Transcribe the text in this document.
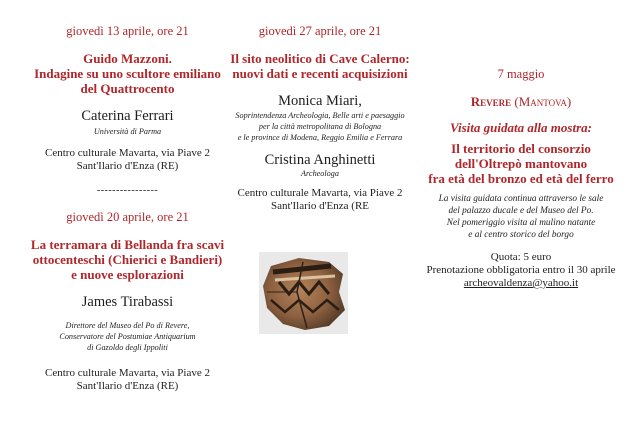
giovedì 13 aprile, ore 21
Guido Mazzoni.
Indagine su uno scultore emiliano
del Quattrocento
Caterina Ferrari
Università di Parma
Centro culturale Mavarta, via Piave 2
Sant'Ilario d'Enza (RE)
----------------
giovedì 20 aprile, ore 21
La terramara di Bellanda fra scavi
ottocenteschi (Chierici e Bandieri)
e nuove esplorazioni
James Tirabassi
Direttore del Museo del Po di Revere,
Conservatore del Postumiae Antiquarium
di Gazoldo degli Ippoliti
Centro culturale Mavarta, via Piave 2
Sant'Ilario d'Enza (RE)
giovedì 27 aprile, ore 21
Il sito neolitico di Cave Calerno:
nuovi dati e recenti acquisizioni
Monica Miari,
Soprintendenza Archeologia, Belle arti e paesaggio
per la città metropolitana di Bologna
e le province di Modena, Reggio Emilia e Ferrara
Cristina Anghinetti
Archeologa
Centro culturale Mavarta, via Piave 2
Sant'Ilario d'Enza (RE
7 maggio
Revere (Mantova)
Visita guidata alla mostra:
Il territorio del consorzio
dell'Oltrepò mantovano
fra età del bronzo ed età del ferro
La visita guidata continua attraverso le sale
del palazzo ducale e del Museo del Po.
Nel pomeriggio visita al mulino natante
e al centro storico del borgo
Quota: 5 euro
Prenotazione obbligatoria entro il 30 aprile
archeovaldenza@yahoo.it
